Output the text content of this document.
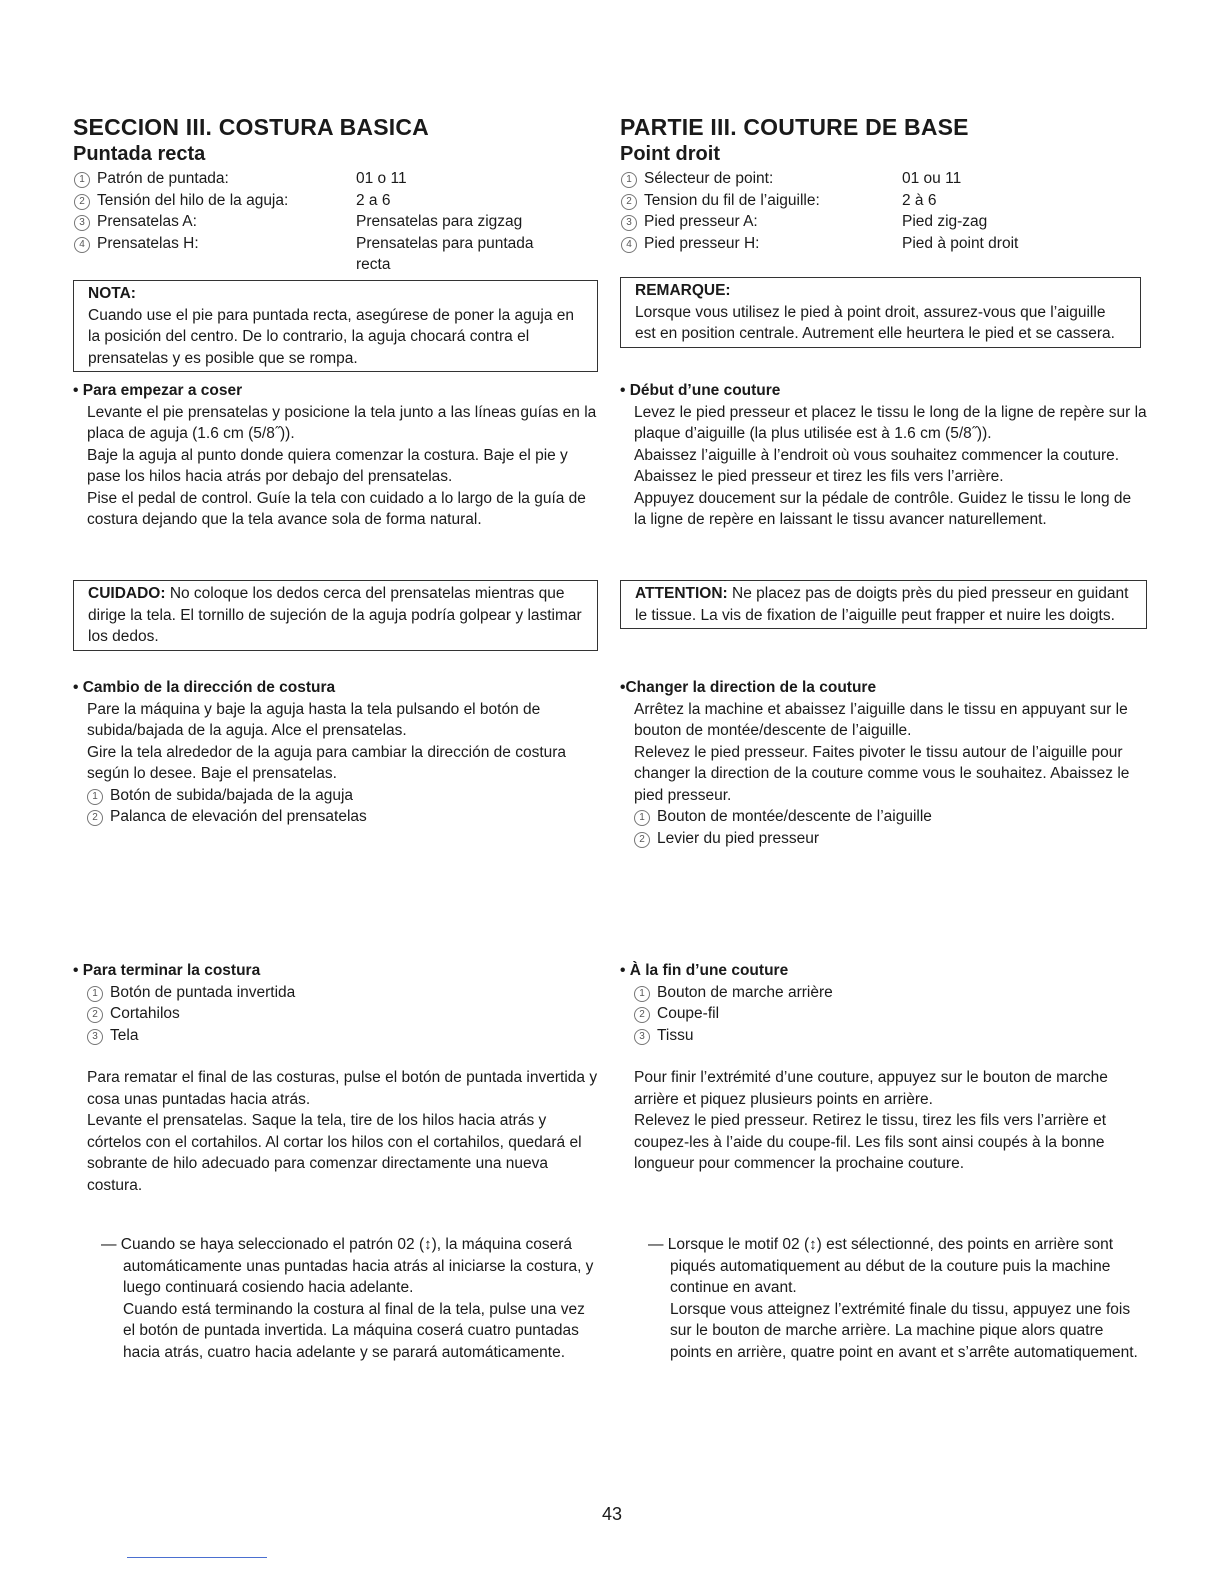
SECCION III. COSTURA BASICA
Puntada recta
1 Patrón de puntada:	01 o 11
2 Tensión del hilo de la aguja:	2 a 6
3 Prensatelas A:	Prensatelas para zigzag
4 Prensatelas H:	Prensatelas para puntada recta
NOTA:
Cuando use el pie para puntada recta, asegúrese de poner la aguja en la posición del centro. De lo contrario, la aguja chocará contra el prensatelas y es posible que se rompa.
• Para empezar a coser
Levante el pie prensatelas y posicione la tela junto a las líneas guías en la placa de aguja (1.6 cm (5/8˝)).
Baje la aguja al punto donde quiera comenzar la costura. Baje el pie y pase los hilos hacia atrás por debajo del prensatelas.
Pise el pedal de control. Guíe la tela con cuidado a lo largo de la guía de costura dejando que la tela avance sola de forma natural.
CUIDADO: No coloque los dedos cerca del prensatelas mientras que dirige la tela. El tornillo de sujeción de la aguja podría golpear y lastimar los dedos.
• Cambio de la dirección de costura
Pare la máquina y baje la aguja hasta la tela pulsando el botón de subida/bajada de la aguja. Alce el prensatelas.
Gire la tela alrededor de la aguja para cambiar la dirección de costura según lo desee. Baje el prensatelas.
1 Botón de subida/bajada de la aguja
2 Palanca de elevación del prensatelas
• Para terminar la costura
1 Botón de puntada invertida
2 Cortahilos
3 Tela
Para rematar el final de las costuras, pulse el botón de puntada invertida y cosa unas puntadas hacia atrás.
Levante el prensatelas. Saque la tela, tire de los hilos hacia atrás y córtelos con el cortahilos. Al cortar los hilos con el cortahilos, quedará el sobrante de hilo adecuado para comenzar directamente una nueva costura.
— Cuando se haya seleccionado el patrón 02 (↕), la máquina coserá automáticamente unas puntadas hacia atrás al iniciarse la costura, y luego continuará cosiendo hacia adelante.
Cuando está terminando la costura al final de la tela, pulse una vez el botón de puntada invertida. La máquina coserá cuatro puntadas hacia atrás, cuatro hacia adelante y se parará automáticamente.
PARTIE III. COUTURE DE BASE
Point droit
1 Sélecteur de point:	01 ou 11
2 Tension du fil de l’aiguille:	2 à 6
3 Pied presseur A:	Pied zig-zag
4 Pied presseur H:	Pied à point droit
REMARQUE:
Lorsque vous utilisez le pied à point droit, assurez-vous que l’aiguille est en position centrale. Autrement elle heurtera le pied et se cassera.
• Début d’une couture
Levez le pied presseur et placez le tissu le long de la ligne de repère sur la plaque d’aiguille (la plus utilisée est à 1.6 cm (5/8˝)).
Abaissez l’aiguille à l’endroit où vous souhaitez commencer la couture. Abaissez le pied presseur et tirez les fils vers l’arrière.
Appuyez doucement sur la pédale de contrôle. Guidez le tissu le long de la ligne de repère en laissant le tissu avancer naturellement.
ATTENTION: Ne placez pas de doigts près du pied presseur en guidant le tissue. La vis de fixation de l’aiguille peut frapper et nuire les doigts.
•Changer la direction de la couture
Arrêtez la machine et abaissez l’aiguille dans le tissu en appuyant sur le bouton de montée/descente de l’aiguille.
Relevez le pied presseur. Faites pivoter le tissu autour de l’aiguille pour changer la direction de la couture comme vous le souhaitez. Abaissez le pied presseur.
1 Bouton de montée/descente de l’aiguille
2 Levier du pied presseur
• À la fin d’une couture
1 Bouton de marche arrière
2 Coupe-fil
3 Tissu
Pour finir l’extrémité d’une couture, appuyez sur le bouton de marche arrière et piquez plusieurs points en arrière.
Relevez le pied presseur. Retirez le tissu, tirez les fils vers l’arrière et coupez-les à l’aide du coupe-fil. Les fils sont ainsi coupés à la bonne longueur pour commencer la prochaine couture.
— Lorsque le motif 02 (↕) est sélectionné, des points en arrière sont piqués automatiquement au début de la couture puis la machine continue en avant.
Lorsque vous atteignez l’extrémité finale du tissu, appuyez une fois sur le bouton de marche arrière. La machine pique alors quatre points en arrière, quatre point en avant et s’arrête automatiquement.
43
